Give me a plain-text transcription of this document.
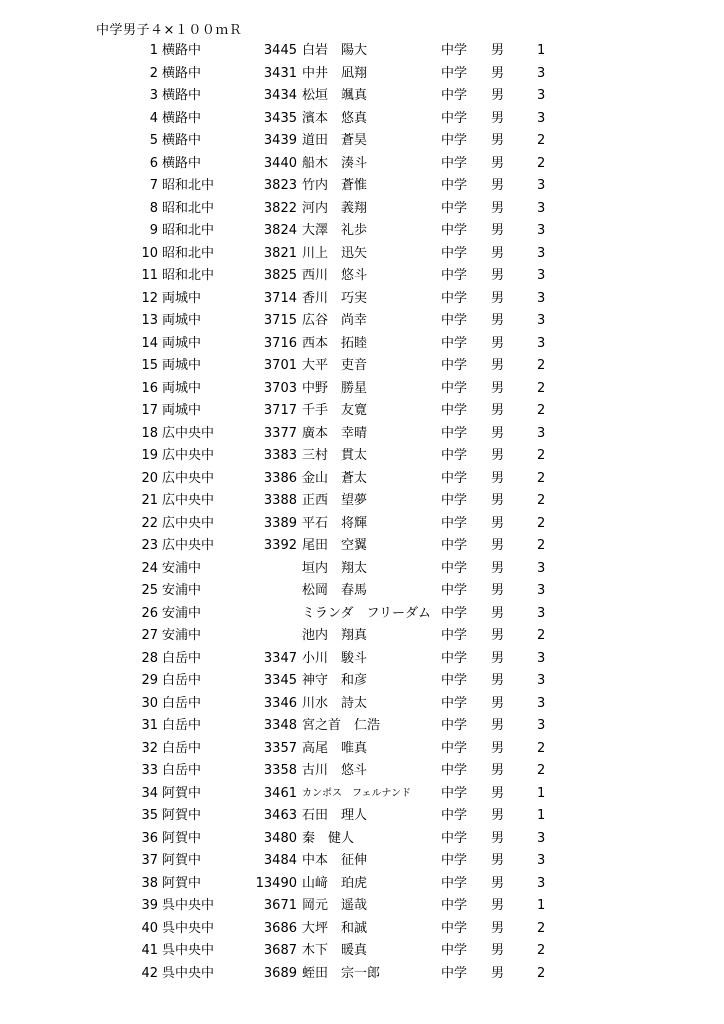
中学男子４×１００ｍＲ
1 横路中	3445 白岩　陽大	中学 男	1
2 横路中	3431 中井　凪翔	中学 男	3
3 横路中	3434 松垣　颯真	中学 男	3
4 横路中	3435 濱本　悠真	中学 男	3
5 横路中	3439 道田　蒼昊	中学 男	2
6 横路中	3440 船木　湊斗	中学 男	2
7 昭和北中	3823 竹内　蒼惟	中学 男	3
8 昭和北中	3822 河内　義翔	中学 男	3
9 昭和北中	3824 大澤　礼歩	中学 男	3
10 昭和北中	3821 川上　迅矢	中学 男	3
11 昭和北中	3825 西川　悠斗	中学 男	3
12 両城中	3714 香川　巧実	中学 男	3
13 両城中	3715 広谷　尚幸	中学 男	3
14 両城中	3716 西本　拓睦	中学 男	3
15 両城中	3701 大平　吏音	中学 男	2
16 両城中	3703 中野　勝星	中学 男	2
17 両城中	3717 千手　友寛	中学 男	2
18 広中央中	3377 廣本　幸晴	中学 男	3
19 広中央中	3383 三村　貫太	中学 男	2
20 広中央中	3386 金山　蒼太	中学 男	2
21 広中央中	3388 正西　望夢	中学 男	2
22 広中央中	3389 平石　将輝	中学 男	2
23 広中央中	3392 尾田　空翼	中学 男	2
24 安浦中	垣内　翔太	中学 男	3
25 安浦中	松岡　春馬	中学 男	3
26 安浦中	ミランダ　フリーダム 中学 男	3
27 安浦中	池内　翔真	中学 男	2
28 白岳中	3347 小川　駿斗	中学 男	3
29 白岳中	3345 神守　和彦	中学 男	3
30 白岳中	3346 川水　詩太	中学 男	3
31 白岳中	3348 宮之首　仁浩	中学 男	3
32 白岳中	3357 高尾　唯真	中学 男	2
33 白岳中	3358 古川　悠斗	中学 男	2
34 阿賀中	3461 カンポス　フェルナンド 中学 男	1
35 阿賀中	3463 石田　理人	中学 男	1
36 阿賀中	3480 秦　健人	中学 男	3
37 阿賀中	3484 中本　征伸	中学 男	3
38 阿賀中	13490 山﨑　珀虎	中学 男	3
39 呉中央中	3671 岡元　遥哉	中学 男	1
40 呉中央中	3686 大坪　和誠	中学 男	2
41 呉中央中	3687 木下　暖真	中学 男	2
42 呉中央中	3689 蛭田　宗一郎	中学 男	2
